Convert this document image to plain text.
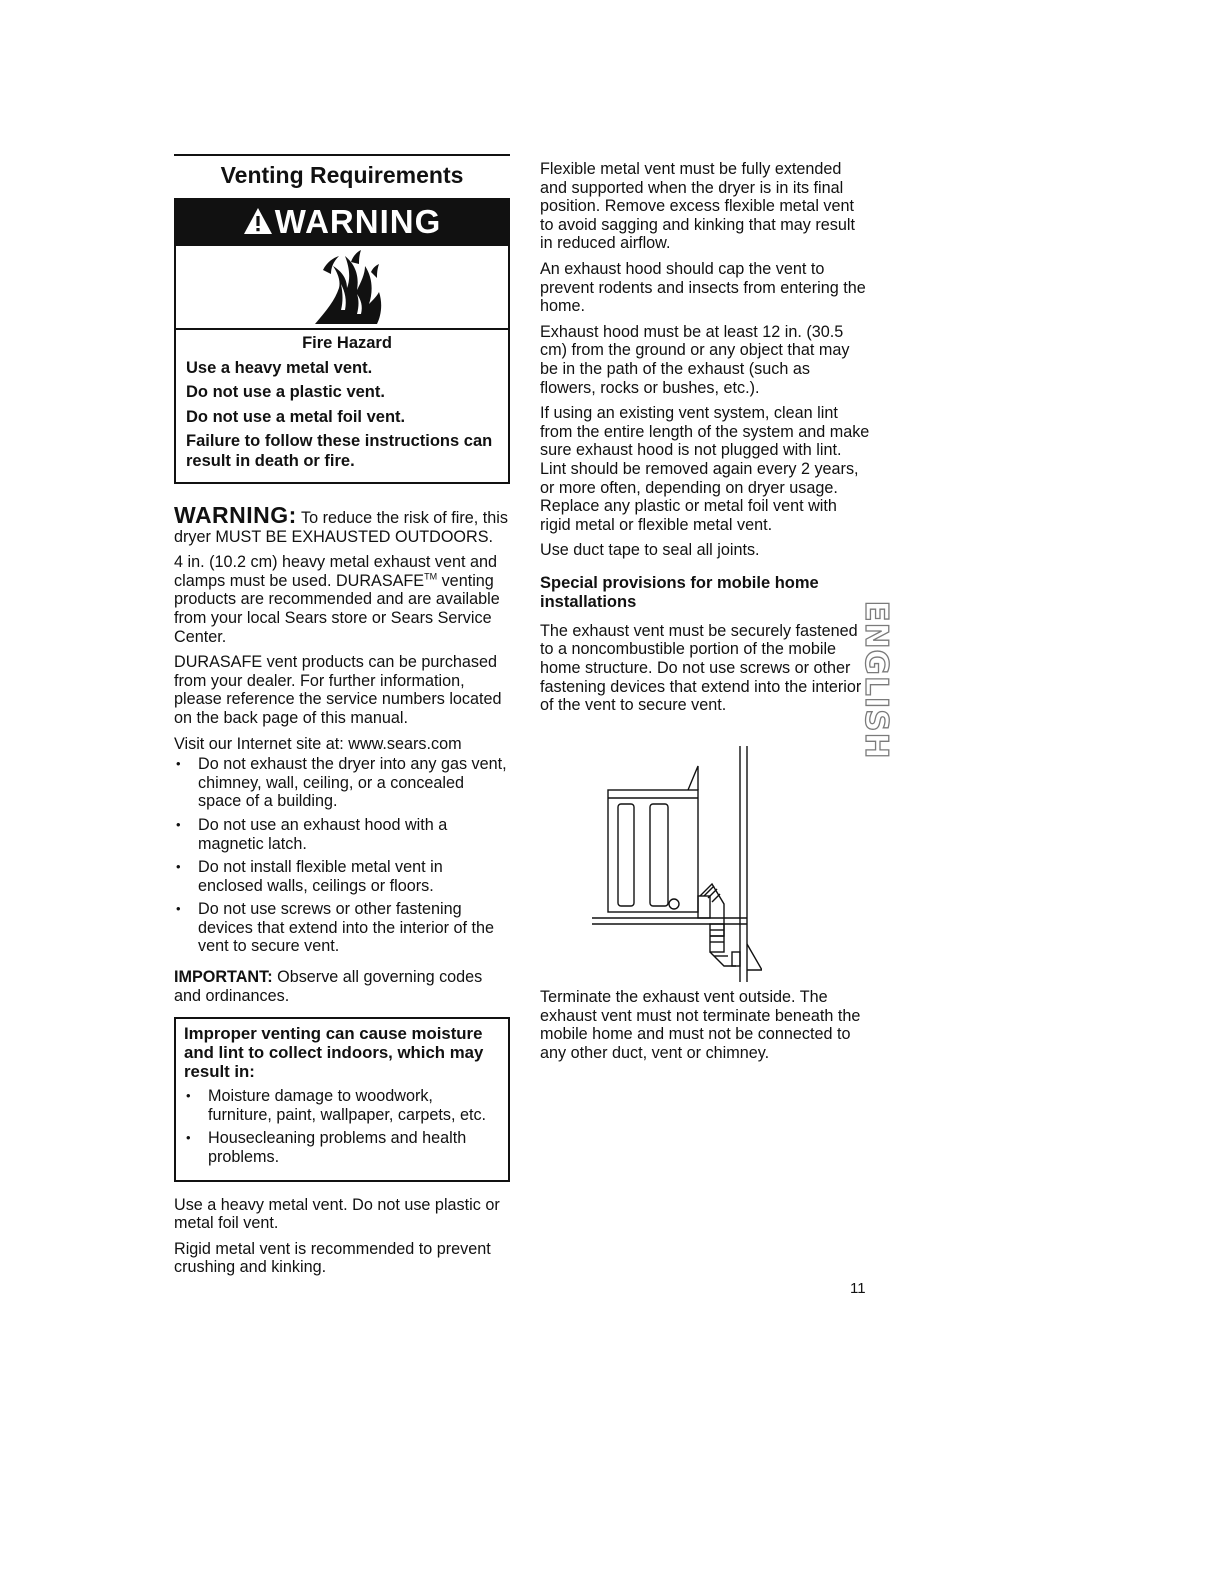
Venting Requirements
WARNING

Fire Hazard

Use a heavy metal vent.

Do not use a plastic vent.

Do not use a metal foil vent.

Failure to follow these instructions can result in death or fire.

WARNING: To reduce the risk of fire, this dryer MUST BE EXHAUSTED OUTDOORS.

4 in. (10.2 cm) heavy metal exhaust vent and clamps must be used. DURASAFE™ venting products are recommended and are available from your local Sears store or Sears Service Center.

DURASAFE vent products can be purchased from your dealer. For further information, please reference the service numbers located on the back page of this manual.

Visit our Internet site at: www.sears.com

• Do not exhaust the dryer into any gas vent, chimney, wall, ceiling, or a concealed space of a building.
• Do not use an exhaust hood with a magnetic latch.
• Do not install flexible metal vent in enclosed walls, ceilings or floors.
• Do not use screws or other fastening devices that extend into the interior of the vent to secure vent.

IMPORTANT: Observe all governing codes and ordinances.

Improper venting can cause moisture and lint to collect indoors, which may result in:

• Moisture damage to woodwork, furniture, paint, wallpaper, carpets, etc.
• Housecleaning problems and health problems.

Use a heavy metal vent. Do not use plastic or metal foil vent.

Rigid metal vent is recommended to prevent crushing and kinking.

Flexible metal vent must be fully extended and supported when the dryer is in its final position. Remove excess flexible metal vent to avoid sagging and kinking that may result in reduced airflow.

An exhaust hood should cap the vent to prevent rodents and insects from entering the home.

Exhaust hood must be at least 12 in. (30.5 cm) from the ground or any object that may be in the path of the exhaust (such as flowers, rocks or bushes, etc.).

If using an existing vent system, clean lint from the entire length of the system and make sure exhaust hood is not plugged with lint. Lint should be removed again every 2 years, or more often, depending on dryer usage. Replace any plastic or metal foil vent with rigid metal or flexible metal vent.

Use duct tape to seal all joints.

Special provisions for mobile home installations

The exhaust vent must be securely fastened to a noncombustible portion of the mobile home structure. Do not use screws or other fastening devices that extend into the interior of the vent to secure vent.	ENGLISH

Terminate the exhaust vent outside. The exhaust vent must not terminate beneath the mobile home and must not be connected to any other duct, vent or chimney.

11
